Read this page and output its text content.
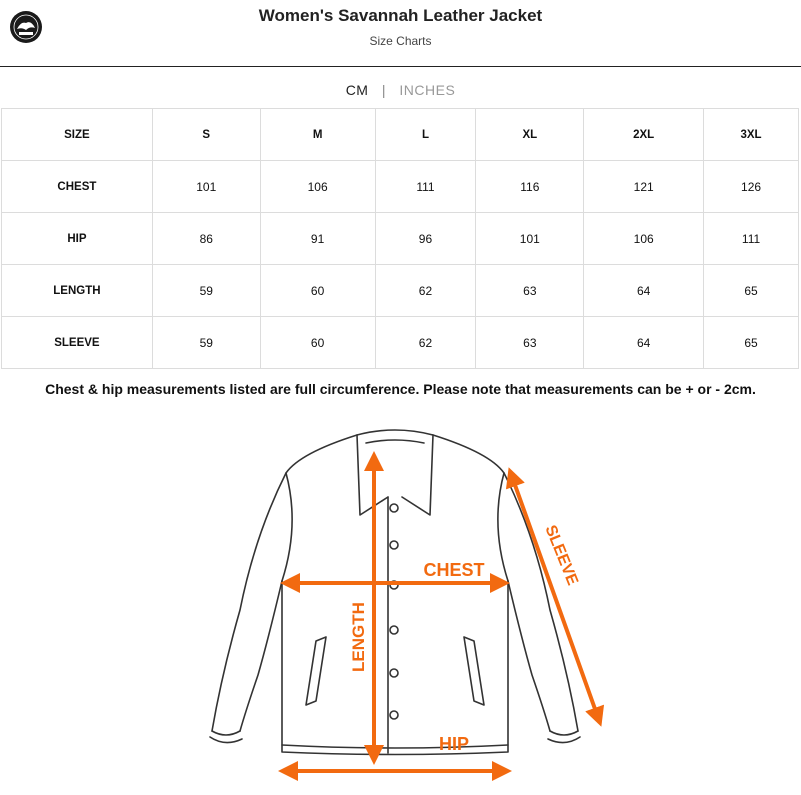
Women's Savannah Leather Jacket
Size Charts
CM | INCHES
SIZE	S	M	L	XL	2XL	3XL
CHEST	101	106	111	116	121	126
HIP	86	91	96	101	106	111
LENGTH	59	60	62	63	64	65
SLEEVE	59	60	62	63	64	65
Chest & hip measurements listed are full circumference. Please note that measurements can be + or - 2cm.
CHEST
LENGTH
SLEEVE
HIP
